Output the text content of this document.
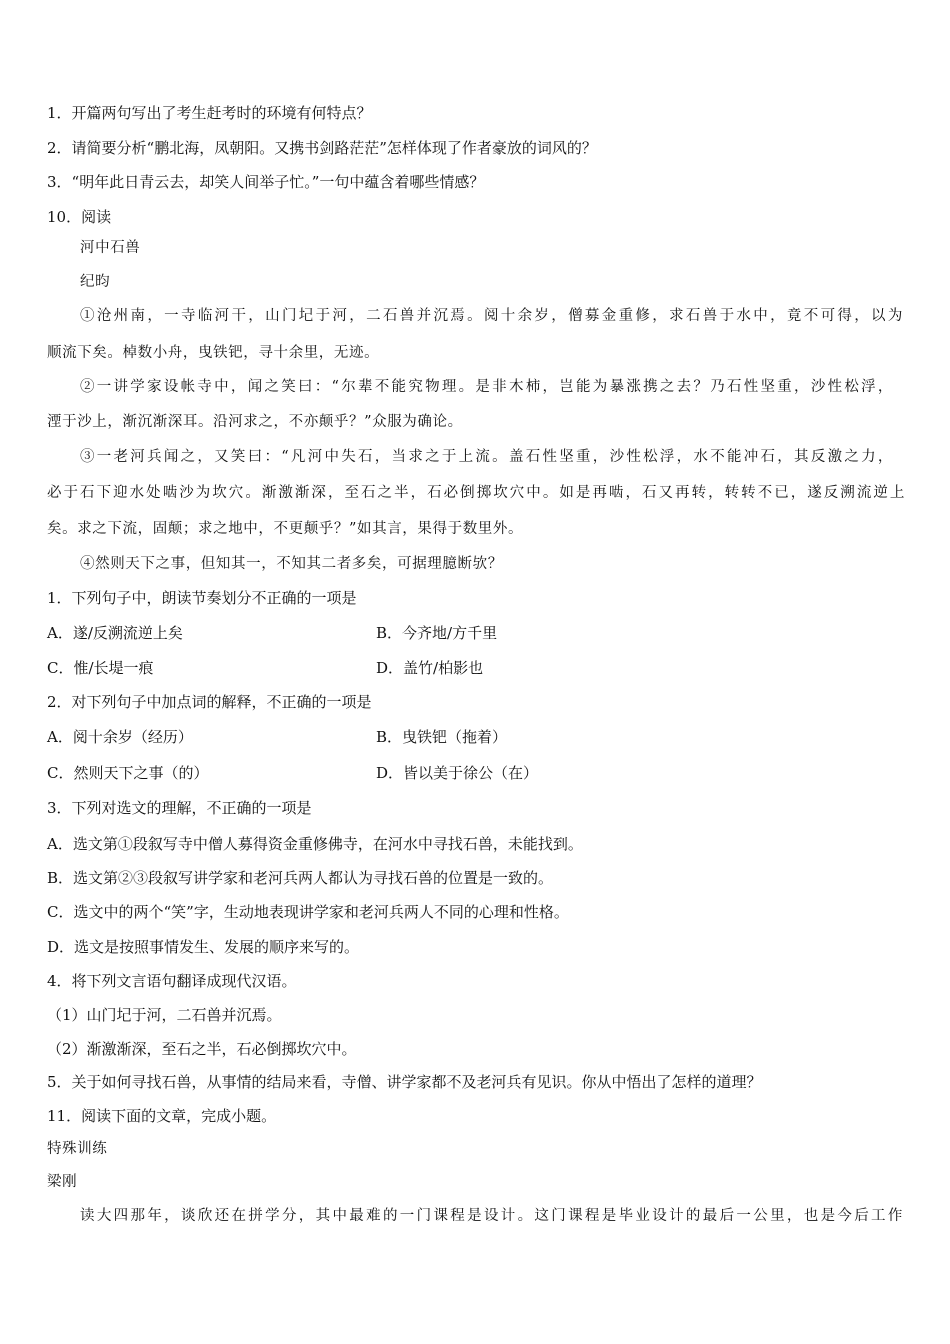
1．开篇两句写出了考生赶考时的环境有何特点？
2．请简要分析“鹏北海，凤朝阳。又携书剑路茫茫”怎样体现了作者豪放的词风的？
3．“明年此日青云去，却笑人间举子忙。”一句中蕴含着哪些情感？
10．阅读
河中石兽
纪昀
①沧州南，一寺临河干，山门圮于河，二石兽并沉焉。阅十余岁，僧募金重修，求石兽于水中，竟不可得，以为
顺流下矣。棹数小舟，曳铁钯，寻十余里，无迹。
②一讲学家设帐寺中，闻之笑曰：“尔辈不能究物理。是非木柿，岂能为暴涨携之去？乃石性坚重，沙性松浮，
湮于沙上，渐沉渐深耳。沿河求之，不亦颠乎？”众服为确论。
③一老河兵闻之，又笑曰：“凡河中失石，当求之于上流。盖石性坚重，沙性松浮，水不能冲石，其反激之力，
必于石下迎水处啮沙为坎穴。渐激渐深，至石之半，石必倒掷坎穴中。如是再啮，石又再转，转转不已，遂反溯流逆上
矣。求之下流，固颠；求之地中，不更颠乎？”如其言，果得于数里外。
④然则天下之事，但知其一，不知其二者多矣，可据理臆断欤？
1．下列句子中，朗读节奏划分不正确的一项是
A．遂/反溯流逆上矣	B．今齐地/方千里
C．惟/长堤一痕	D．盖竹/柏影也
2．对下列句子中加点词的解释，不正确的一项是
A．阅十余岁（经历）	B．曳铁钯（拖着）
C．然则天下之事（的）	D．皆以美于徐公（在）
3．下列对选文的理解，不正确的一项是
A．选文第①段叙写寺中僧人募得资金重修佛寺，在河水中寻找石兽，未能找到。
B．选文第②③段叙写讲学家和老河兵两人都认为寻找石兽的位置是一致的。
C．选文中的两个“笑”字，生动地表现讲学家和老河兵两人不同的心理和性格。
D．选文是按照事情发生、发展的顺序来写的。
4．将下列文言语句翻译成现代汉语。
（1）山门圮于河，二石兽并沉焉。
（2）渐激渐深，至石之半，石必倒掷坎穴中。
5．关于如何寻找石兽，从事情的结局来看，寺僧、讲学家都不及老河兵有见识。你从中悟出了怎样的道理？
11．阅读下面的文章，完成小题。
特殊训练
梁刚
读大四那年，谈欣还在拼学分，其中最难的一门课程是设计。这门课程是毕业设计的最后一公里，也是今后工作
